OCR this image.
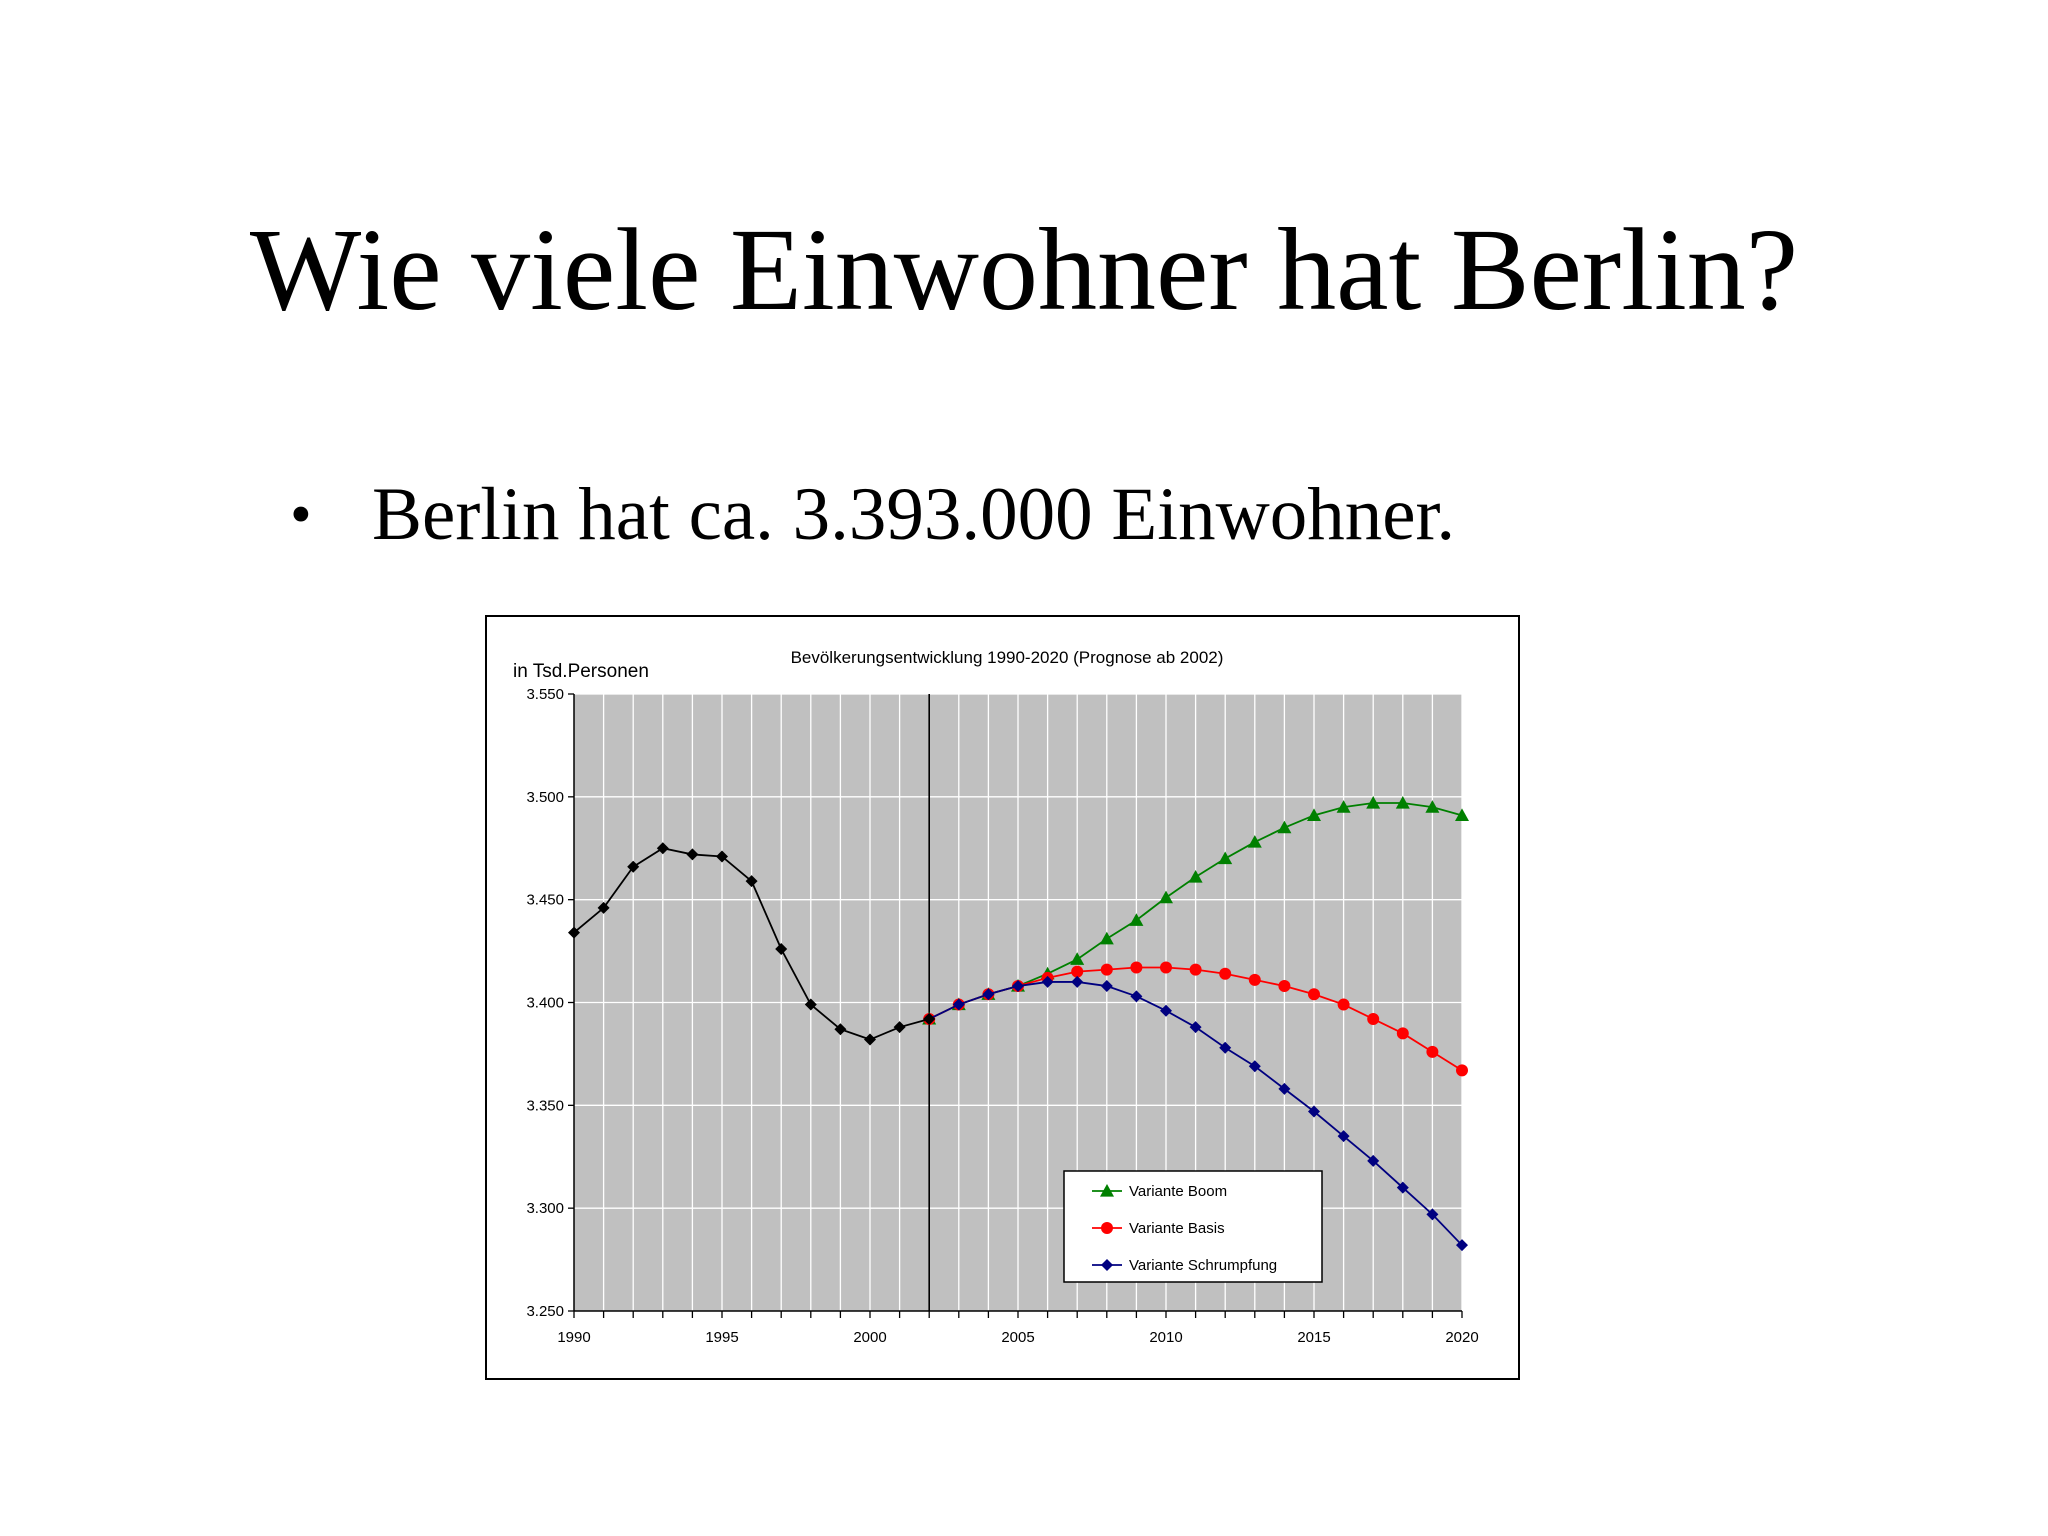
Wie viele Einwohner hat Berlin?
• Berlin hat ca. 3.393.000 Einwohner.
1990	1995	2000	2005	2010	2015	2020
3.250
3.300
3.350
3.400
3.450
3.500
3.550
Bevölkerungsentwicklung 1990-2020 (Prognose ab 2002)
in Tsd.Personen
Variante Boom
Variante Basis
Variante Schrumpfung
